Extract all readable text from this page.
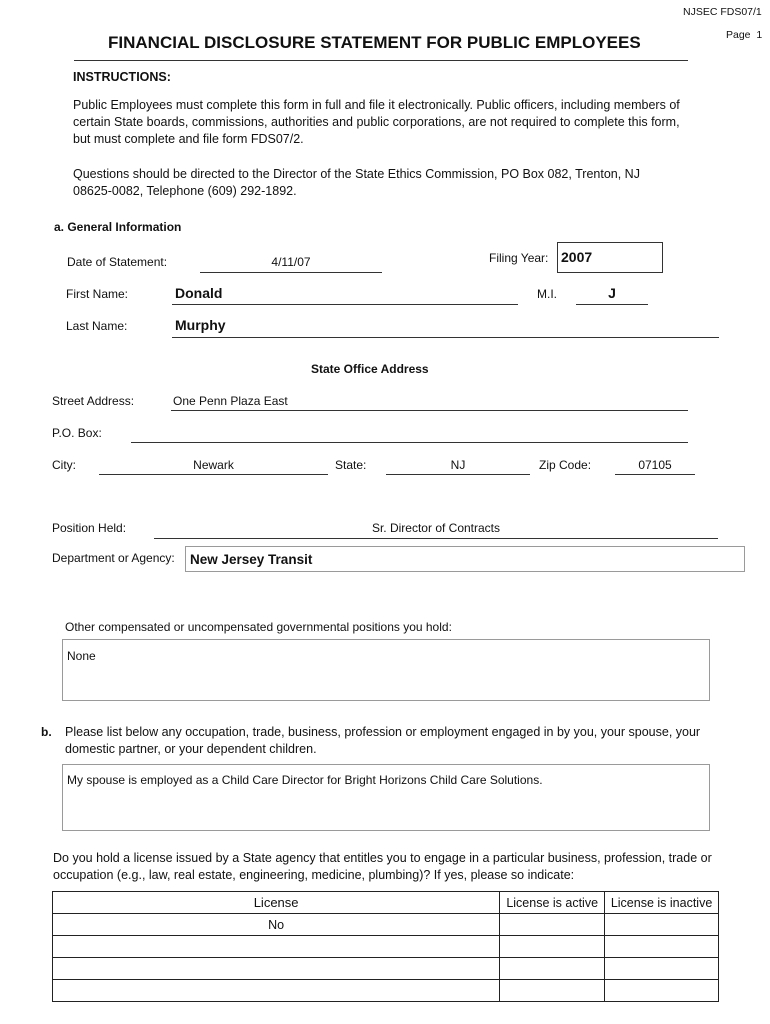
NJSEC FDS07/1
Page  1
FINANCIAL DISCLOSURE STATEMENT FOR PUBLIC EMPLOYEES
INSTRUCTIONS:
Public Employees must complete this form in full and file it electronically. Public officers, including members of
certain State boards, commissions, authorities and public corporations, are not required to complete this form,
but must complete and file form FDS07/2.
Questions should be directed to the Director of the State Ethics Commission, PO Box 082, Trenton, NJ
08625-0082, Telephone (609) 292-1892.
a. General Information
Date of Statement:	4/11/07	Filing Year: 2007
First Name:	Donald	M.I.	J
Last Name:	Murphy
State Office Address
Street Address:	One Penn Plaza East
P.O. Box:
City:	Newark	State:	NJ	Zip Code:	07105
Position Held:	Sr. Director of Contracts
Department or Agency:	New Jersey Transit
Other compensated or uncompensated governmental positions you hold:
None
b. Please list below any occupation, trade, business, profession or employment engaged in by you, your spouse, your
domestic partner, or your dependent children.
My spouse is employed as a Child Care Director for Bright Horizons Child Care Solutions.
Do you hold a license issued by a State agency that entitles you to engage in a particular business, profession, trade or
occupation (e.g., law, real estate, engineering, medicine, plumbing)? If yes, please so indicate:
License	License is active	License is inactive
No		
